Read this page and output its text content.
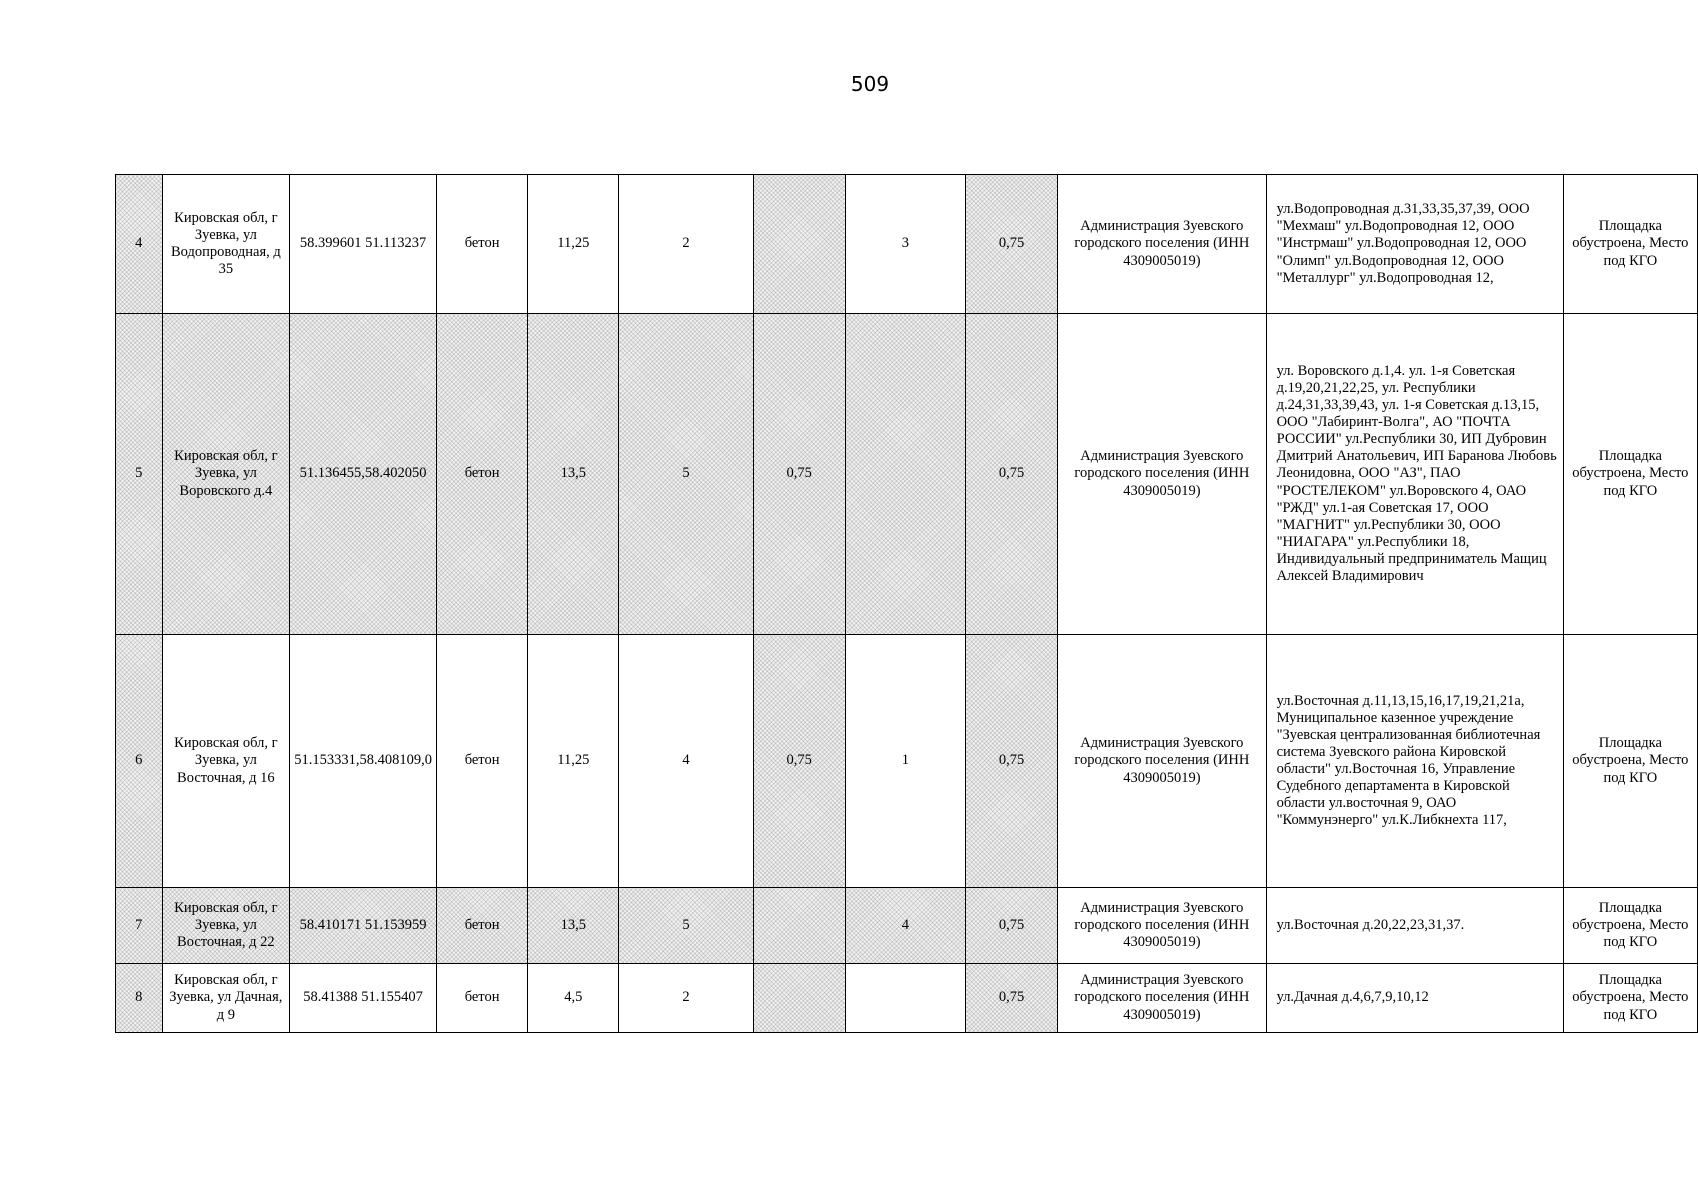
509
4	Кировская обл, г Зуевка, ул Водопроводная, д 35	58.399601 51.113237	бетон	11,25	2		3	0,75	Администрация Зуевского городского поселения (ИНН 4309005019)	ул.Водопроводная д.31,33,35,37,39, ООО "Мехмаш" ул.Водопроводная 12, ООО "Инстрмаш" ул.Водопроводная 12, ООО "Олимп" ул.Водопроводная 12, ООО "Металлург" ул.Водопроводная 12,	Площадка обустроена, Место под КГО
5	Кировская обл, г Зуевка, ул Воровского д.4	51.136455,58.402050	бетон	13,5	5	0,75		0,75	Администрация Зуевского городского поселения (ИНН 4309005019)	ул. Воровского д.1,4. ул. 1-я Советская д.19,20,21,22,25, ул. Республики д.24,31,33,39,43, ул. 1-я Советская д.13,15, ООО "Лабиринт-Волга", АО "ПОЧТА РОССИИ" ул.Республики 30, ИП Дубровин Дмитрий Анатольевич, ИП Баранова Любовь Леонидовна, ООО "АЗ", ПАО "РОСТЕЛЕКОМ" ул.Воровского 4, ОАО "РЖД" ул.1-ая Советская 17, ООО "МАГНИТ" ул.Республики 30, ООО "НИАГАРА" ул.Республики 18, Индивидуальный предприниматель Мащиц Алексей Владимирович	Площадка обустроена, Место под КГО
6	Кировская обл, г Зуевка, ул Восточная, д 16	51.153331,58.408109,0	бетон	11,25	4	0,75	1	0,75	Администрация Зуевского городского поселения (ИНН 4309005019)	ул.Восточная д.11,13,15,16,17,19,21,21а, Муниципальное казенное учреждение "Зуевская централизованная библиотечная система Зуевского района Кировской области" ул.Восточная 16, Управление Судебного департамента в Кировской области ул.восточная 9, ОАО "Коммунэнерго" ул.К.Либкнехта 117,	Площадка обустроена, Место под КГО
7	Кировская обл, г Зуевка, ул Восточная, д 22	58.410171 51.153959	бетон	13,5	5		4	0,75	Администрация Зуевского городского поселения (ИНН 4309005019)	ул.Восточная д.20,22,23,31,37.	Площадка обустроена, Место под КГО
8	Кировская обл, г Зуевка, ул Дачная, д 9	58.41388 51.155407	бетон	4,5	2			0,75	Администрация Зуевского городского поселения (ИНН 4309005019)	ул.Дачная д.4,6,7,9,10,12	Площадка обустроена, Место под КГО
